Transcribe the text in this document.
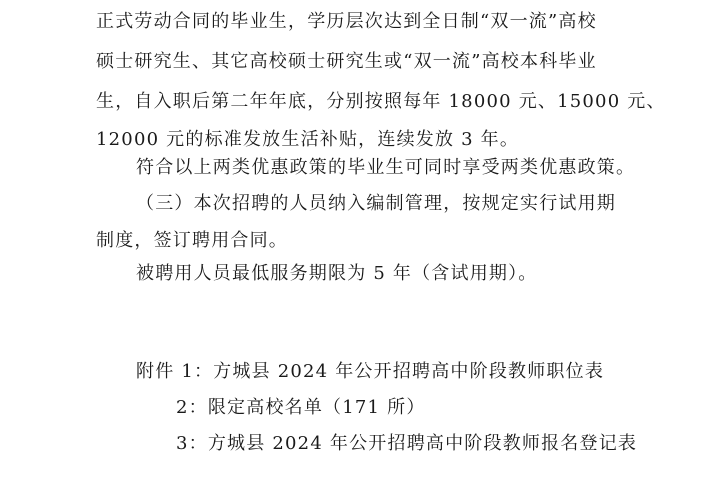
正式劳动合同的毕业生，学历层次达到全日制“双一流”高校
硕士研究生、其它高校硕士研究生或“双一流”高校本科毕业
生，自入职后第二年年底，分别按照每年 18000 元、15000 元、
12000 元的标准发放生活补贴，连续发放 3 年。
符合以上两类优惠政策的毕业生可同时享受两类优惠政策。
（三）本次招聘的人员纳入编制管理，按规定实行试用期
制度，签订聘用合同。
被聘用人员最低服务期限为 5 年（含试用期）。
附件 1：方城县 2024 年公开招聘高中阶段教师职位表
2：限定高校名单（171 所）
3：方城县 2024 年公开招聘高中阶段教师报名登记表
